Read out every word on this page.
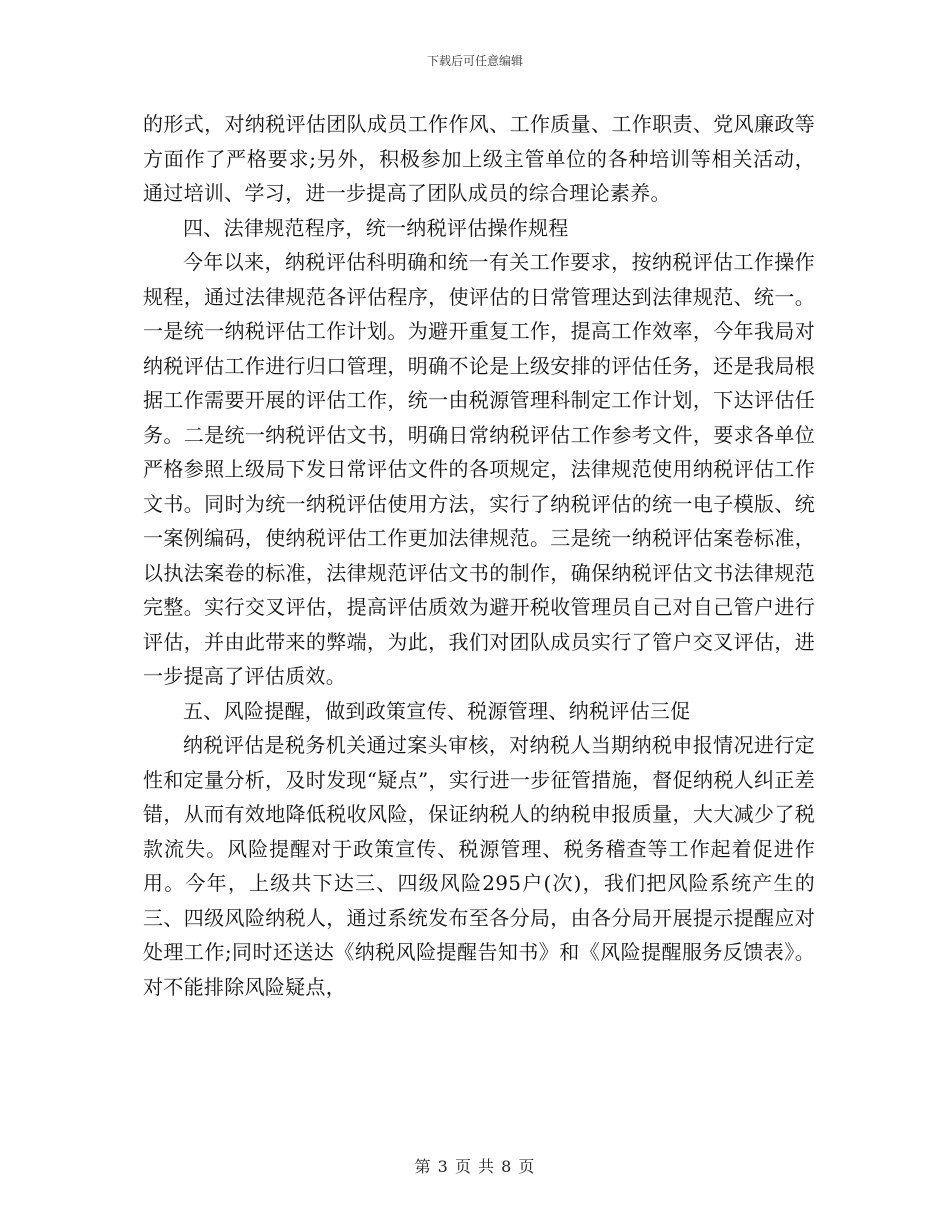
下载后可任意编辑

的形式，对纳税评估团队成员工作作风、工作质量、工作职责、党风廉政等方面作了严格要求;另外，积极参加上级主管单位的各种培训等相关活动，通过培训、学习，进一步提高了团队成员的综合理论素养。

四、法律规范程序，统一纳税评估操作规程

今年以来，纳税评估科明确和统一有关工作要求，按纳税评估工作操作规程，通过法律规范各评估程序，使评估的日常管理达到法律规范、统一。一是统一纳税评估工作计划。为避开重复工作，提高工作效率，今年我局对纳税评估工作进行归口管理，明确不论是上级安排的评估任务，还是我局根据工作需要开展的评估工作，统一由税源管理科制定工作计划，下达评估任务。二是统一纳税评估文书，明确日常纳税评估工作参考文件，要求各单位严格参照上级局下发日常评估文件的各项规定，法律规范使用纳税评估工作文书。同时为统一纳税评估使用方法，实行了纳税评估的统一电子模版、统一案例编码，使纳税评估工作更加法律规范。三是统一纳税评估案卷标准，以执法案卷的标准，法律规范评估文书的制作，确保纳税评估文书法律规范完整。实行交叉评估，提高评估质效为避开税收管理员自己对自己管户进行评估，并由此带来的弊端，为此，我们对团队成员实行了管户交叉评估，进一步提高了评估质效。

五、风险提醒，做到政策宣传、税源管理、纳税评估三促

纳税评估是税务机关通过案头审核，对纳税人当期纳税申报情况进行定性和定量分析，及时发现“疑点”，实行进一步征管措施，督促纳税人纠正差错，从而有效地降低税收风险，保证纳税人的纳税申报质量，大大减少了税款流失。风险提醒对于政策宣传、税源管理、税务稽查等工作起着促进作用。今年，上级共下达三、四级风险295户(次)，我们把风险系统产生的三、四级风险纳税人，通过系统发布至各分局，由各分局开展提示提醒应对处理工作;同时还送达《纳税风险提醒告知书》和《风险提醒服务反馈表》。对不能排除风险疑点，

第 3 页 共 8 页
